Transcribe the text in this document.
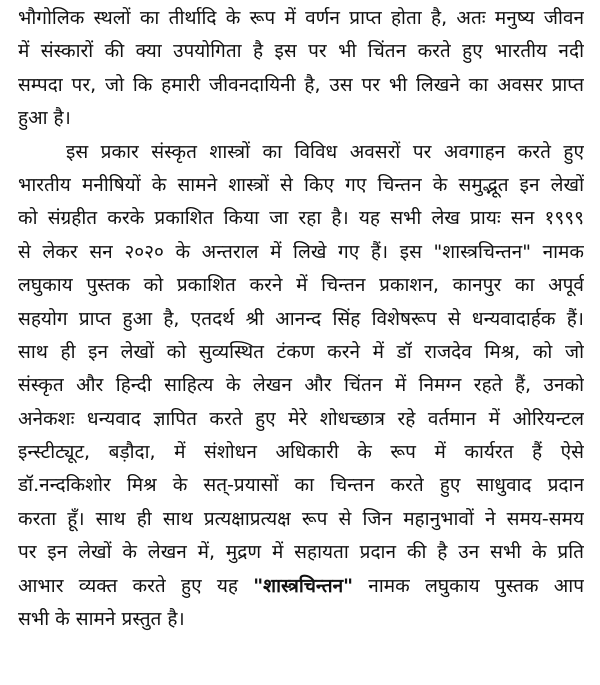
भौगोलिक स्थलों का तीर्थादि के रूप में वर्णन प्राप्त होता है, अतः मनुष्य जीवन
में संस्कारों की क्या उपयोगिता है इस पर भी चिंतन करते हुए भारतीय नदी
सम्पदा पर, जो कि हमारी जीवनदायिनी है, उस पर भी लिखने का अवसर प्राप्त
हुआ है।
इस प्रकार संस्कृत शास्त्रों का विविध अवसरों पर अवगाहन करते हुए
भारतीय मनीषियों के सामने शास्त्रों से किए गए चिन्तन के समुद्भूत इन लेखों
को संग्रहीत करके प्रकाशित किया जा रहा है। यह सभी लेख प्रायः सन १९९९
से लेकर सन २०२० के अन्तराल में लिखे गए हैं। इस "शास्त्रचिन्तन" नामक
लघुकाय पुस्तक को प्रकाशित करने में चिन्तन प्रकाशन, कानपुर का अपूर्व
सहयोग प्राप्त हुआ है, एतदर्थ श्री आनन्द सिंह विशेषरूप से धन्यवादार्हक हैं।
साथ ही इन लेखों को सुव्यस्थित टंकण करने में डॉ राजदेव मिश्र, को जो
संस्कृत और हिन्दी साहित्य के लेखन और चिंतन में निमग्न रहते हैं, उनको
अनेकशः धन्यवाद ज्ञापित करते हुए मेरे शोधच्छात्र रहे वर्तमान में ओरियन्टल
इन्स्टीट्यूट, बड़ौदा, में संशोधन अधिकारी के रूप में कार्यरत हैं ऐसे
डॉ.नन्दकिशोर मिश्र के सत्-प्रयासों का चिन्तन करते हुए साधुवाद प्रदान
करता हूँ। साथ ही साथ प्रत्यक्षाप्रत्यक्ष रूप से जिन महानुभावों ने समय-समय
पर इन लेखों के लेखन में, मुद्रण में सहायता प्रदान की है उन सभी के प्रति
आभार व्यक्त करते हुए यह "शास्त्रचिन्तन" नामक लघुकाय पुस्तक आप
सभी के सामने प्रस्तुत है।
